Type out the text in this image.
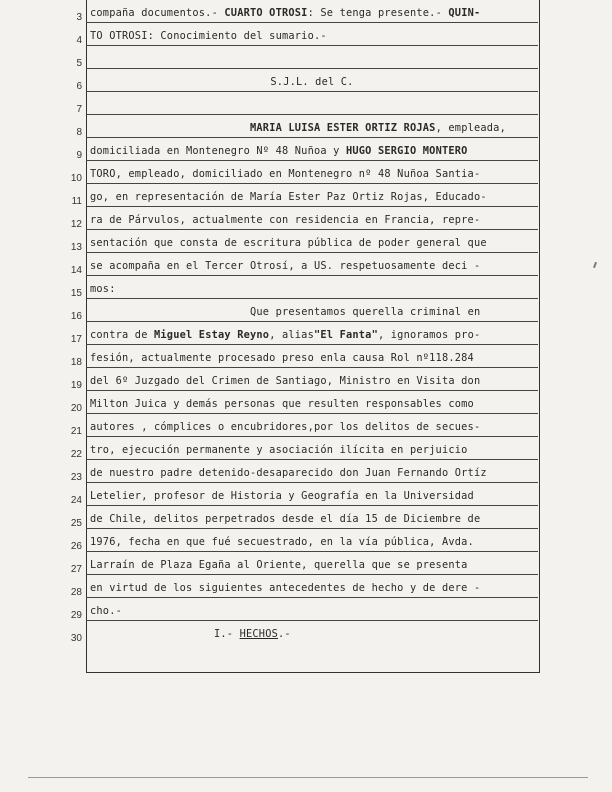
3 compaña documentos.- CUARTO OTROSI: Se tenga presente.- QUIN-
4 TO OTROSI: Conocimiento del sumario.-
5
6	S.J.L. del C.
7
8	MARIA LUISA ESTER ORTIZ ROJAS, empleada,
9 domiciliada en Montenegro Nº 48 Ñuñoa y HUGO SERGIO MONTERO
10 TORO, empleado, domiciliado en Montenegro nº 48 Ñuñoa Santia-
11 go, en representación de María Ester Paz Ortiz Rojas, Educado-
12 ra de Párvulos, actualmente con residencia en Francia, repre-
13 sentación que consta de escritura pública de poder general que
14 se acompaña en el Tercer Otrosí, a US. respetuosamente deci -
15 mos:
16	Que presentamos querella criminal en
17 contra de Miguel Estay Reyno, alias"El Fanta", ignoramos pro-
18 fesión, actualmente procesado preso enla causa Rol nº118.284
19 del 6º Juzgado del Crimen de Santiago, Ministro en Visita don
20 Milton Juica y demás personas que resulten responsables como
21 autores , cómplices o encubridores,por los delitos de secues-
22 tro, ejecución permanente y asociación ilícita en perjuicio
23 de nuestro padre detenido-desaparecido don Juan Fernando Ortíz
24 Letelier, profesor de Historia y Geografía en la Universidad
25 de Chile, delitos perpetrados desde el día 15 de Diciembre de
26 1976, fecha en que fué secuestrado, en la vía pública, Avda.
27 Larraín de Plaza Egaña al Oriente, querella que se presenta
28 en virtud de los siguientes antecedentes de hecho y de dere -
29 cho.-
30	I.- HECHOS.-
